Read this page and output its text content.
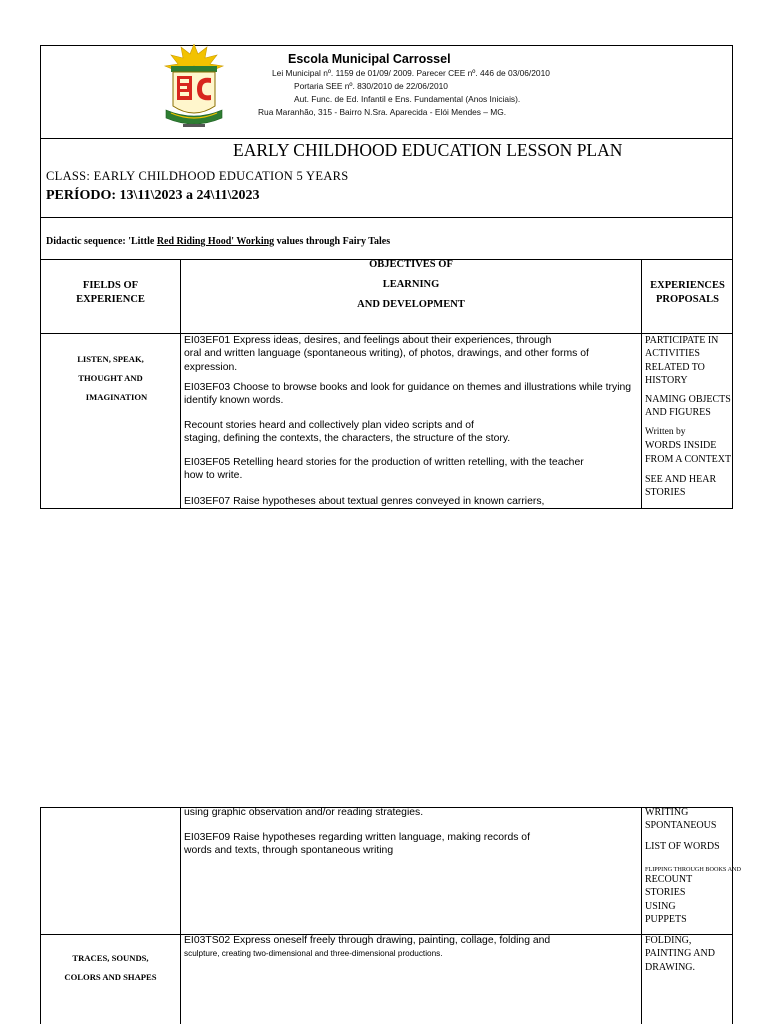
Escola Municipal Carrossel
Lei Municipal nº. 1159 de 01/09/ 2009. Parecer CEE nº. 446 de 03/06/2010
Portaria SEE nº. 830/2010 de 22/06/2010
Aut. Func. de Ed. Infantil e Ens. Fundamental (Anos Iniciais).
Rua Maranhão, 315 - Bairro N.Sra. Aparecida - Elói Mendes – MG.
EARLY CHILDHOOD EDUCATION LESSON PLAN
CLASS: EARLY CHILDHOOD EDUCATION 5 YEARS
PERÍODO: 13\11\2023 a 24\11\2023
Didactic sequence: 'Little Red Riding Hood' Working values through Fairy Tales
FIELDS OF
EXPERIENCE
OBJECTIVES OF
LEARNING
AND DEVELOPMENT
EXPERIENCES
PROPOSALS
LISTEN, SPEAK,
THOUGHT AND
IMAGINATION
EI03EF01 Express ideas, desires, and feelings about their experiences, through
oral and written language (spontaneous writing), of photos, drawings, and other forms of
expression.
EI03EF03 Choose to browse books and look for guidance on themes and illustrations while trying
identify known words.
Recount stories heard and collectively plan video scripts and of
staging, defining the contexts, the characters, the structure of the story.
EI03EF05 Retelling heard stories for the production of written retelling, with the teacher
how to write.
EI03EF07 Raise hypotheses about textual genres conveyed in known carriers,
PARTICIPATE IN
ACTIVITIES
RELATED TO
HISTORY
NAMING OBJECTS
AND FIGURES
Written by
WORDS INSIDE
FROM A CONTEXT
SEE AND HEAR
STORIES
using graphic observation and/or reading strategies.
EI03EF09 Raise hypotheses regarding written language, making records of
words and texts, through spontaneous writing
WRITING
SPONTANEOUS
LIST OF WORDS
FLIPPING THROUGH BOOKS AND
RECOUNT
STORIES
USING
PUPPETS
TRACES, SOUNDS,
COLORS AND SHAPES
EI03TS02 Express oneself freely through drawing, painting, collage, folding and
sculpture, creating two-dimensional and three-dimensional productions.
FOLDING,
PAINTING AND
DRAWING.
